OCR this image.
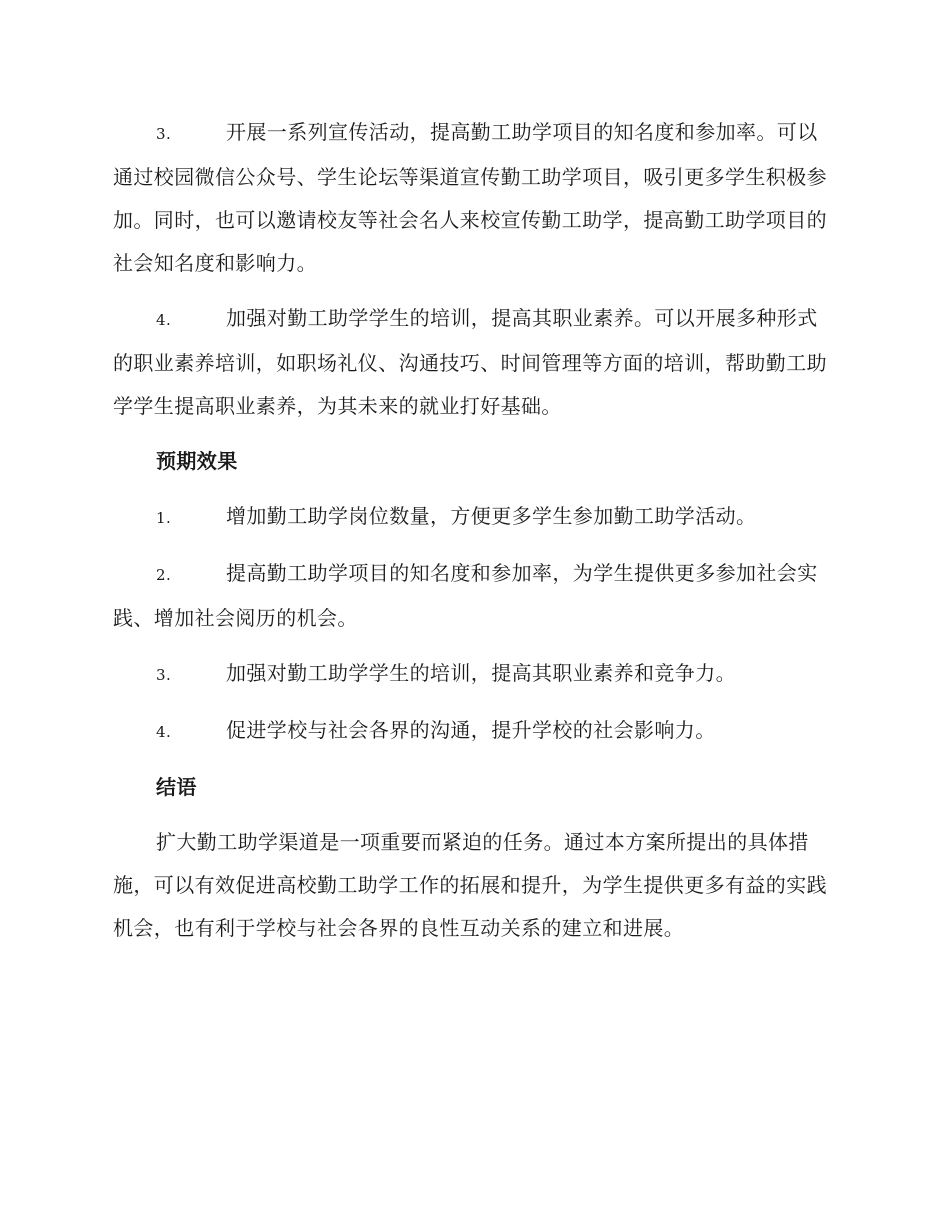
3.	开展一系列宣传活动，提高勤工助学项目的知名度和参加率。可以通过校园微信公众号、学生论坛等渠道宣传勤工助学项目，吸引更多学生积极参加。同时，也可以邀请校友等社会名人来校宣传勤工助学，提高勤工助学项目的社会知名度和影响力。

4.	加强对勤工助学学生的培训，提高其职业素养。可以开展多种形式的职业素养培训，如职场礼仪、沟通技巧、时间管理等方面的培训，帮助勤工助学学生提高职业素养，为其未来的就业打好基础。

预期效果

1.	增加勤工助学岗位数量，方便更多学生参加勤工助学活动。

2.	提高勤工助学项目的知名度和参加率，为学生提供更多参加社会实践、增加社会阅历的机会。

3.	加强对勤工助学学生的培训，提高其职业素养和竞争力。

4.	促进学校与社会各界的沟通，提升学校的社会影响力。

结语

扩大勤工助学渠道是一项重要而紧迫的任务。通过本方案所提出的具体措施，可以有效促进高校勤工助学工作的拓展和提升，为学生提供更多有益的实践机会，也有利于学校与社会各界的良性互动关系的建立和进展。
